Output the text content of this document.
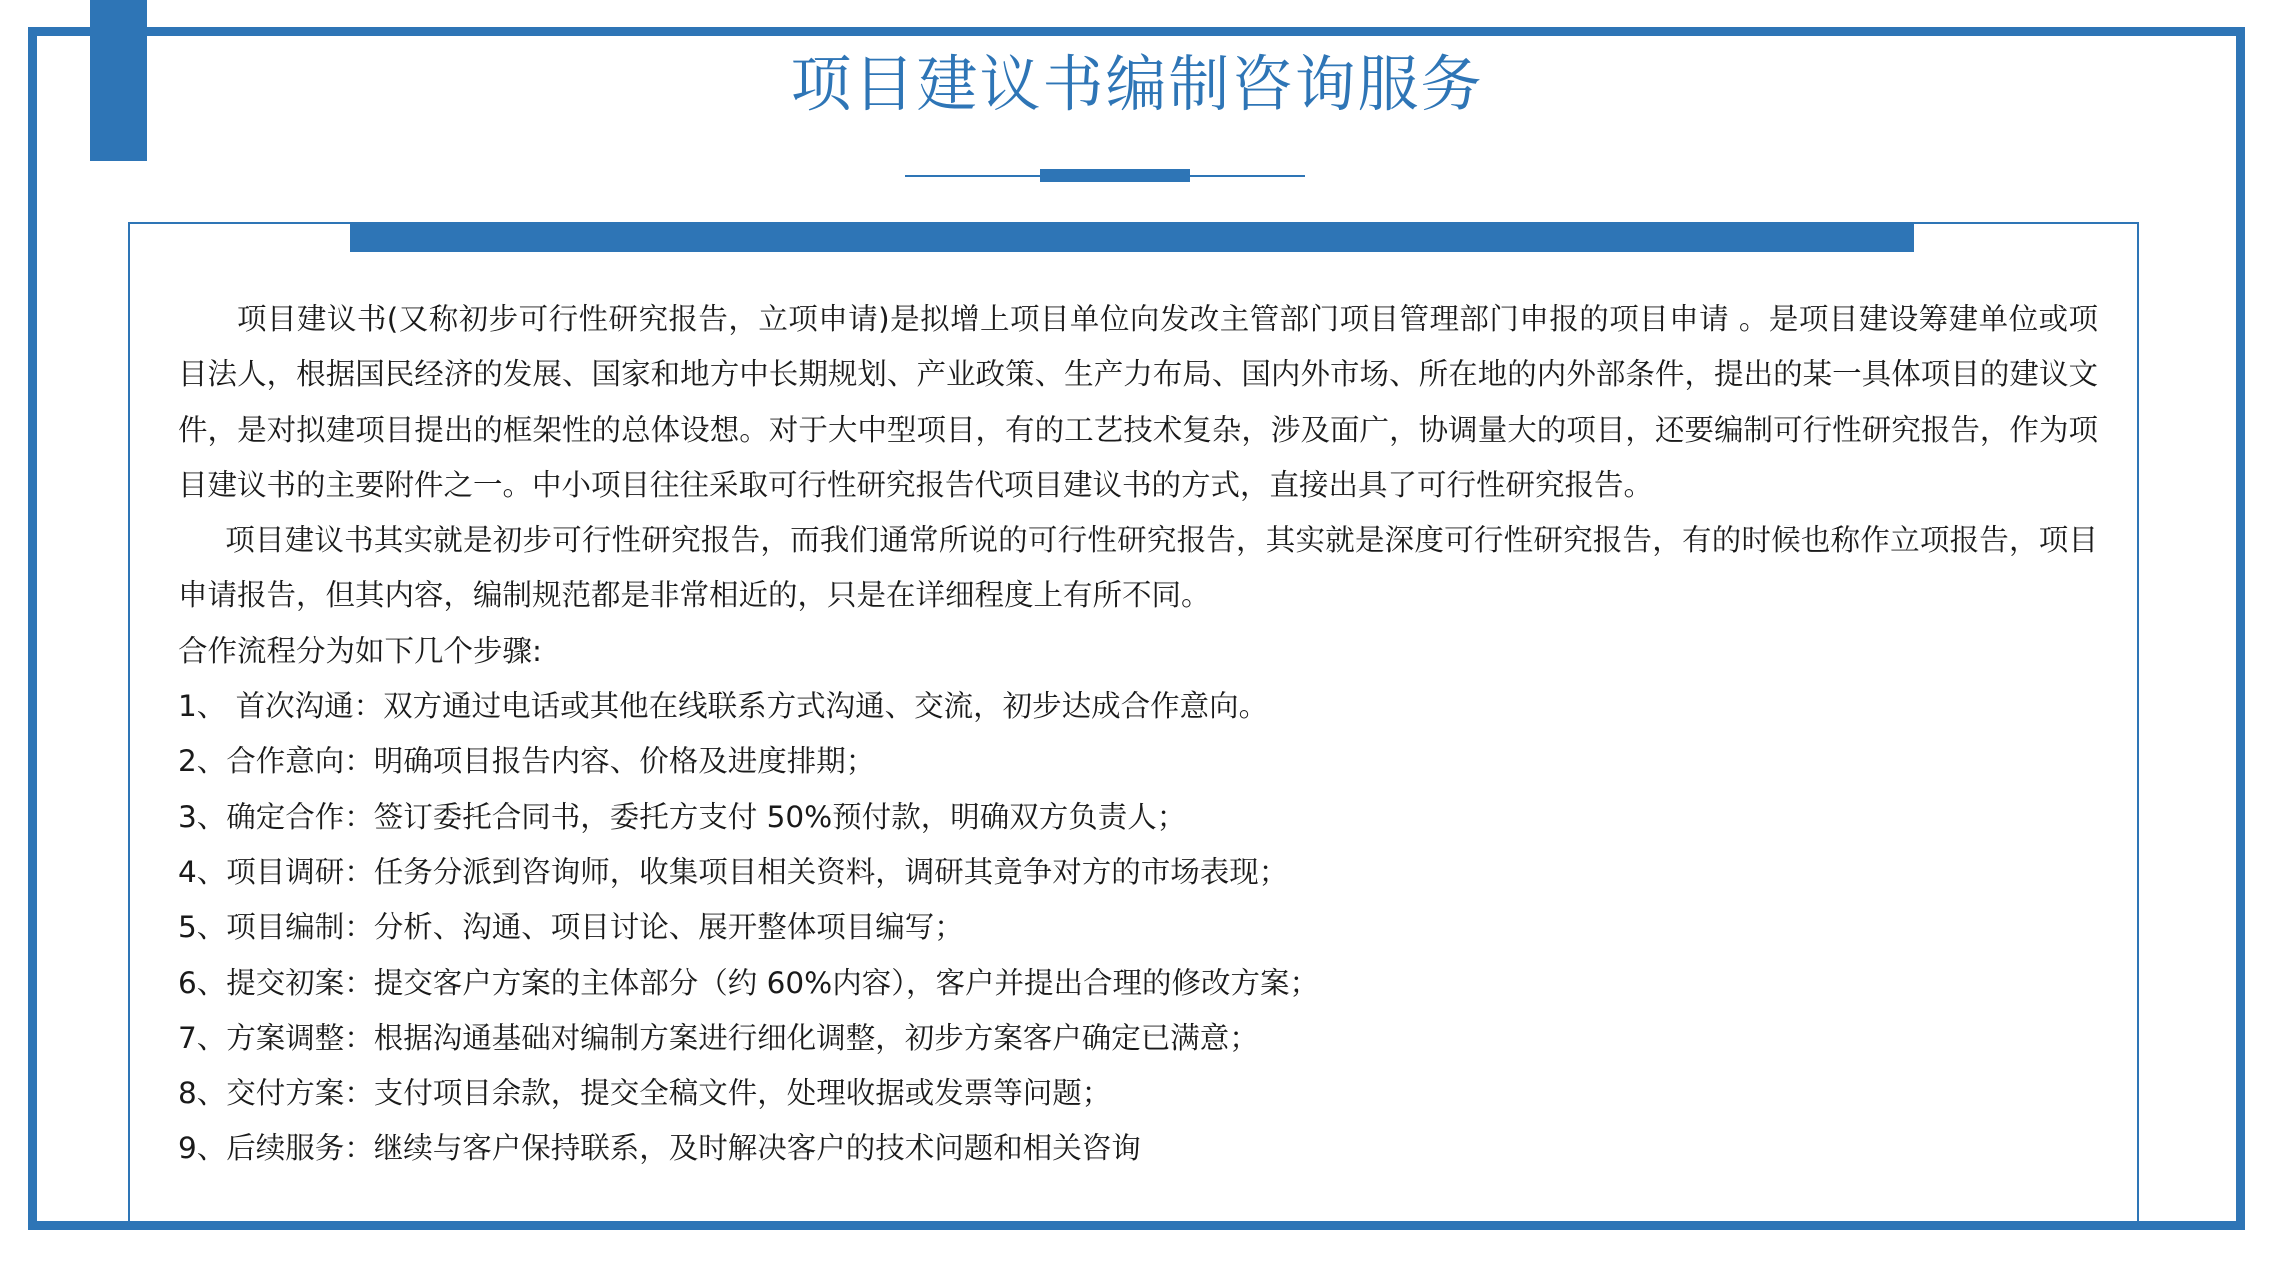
项目建议书编制咨询服务

项目建议书(又称初步可行性研究报告，立项申请)是拟增上项目单位向发改主管部门项目管理部门申报的项目申请 。是项目建设筹建单位或项目法人，根据国民经济的发展、国家和地方中长期规划、产业政策、生产力布局、国内外市场、所在地的内外部条件，提出的某一具体项目的建议文件，是对拟建项目提出的框架性的总体设想。对于大中型项目，有的工艺技术复杂，涉及面广，协调量大的项目，还要编制可行性研究报告，作为项目建议书的主要附件之一。中小项目往往采取可行性研究报告代项目建议书的方式，直接出具了可行性研究报告。

项目建议书其实就是初步可行性研究报告，而我们通常所说的可行性研究报告，其实就是深度可行性研究报告，有的时候也称作立项报告，项目申请报告，但其内容，编制规范都是非常相近的，只是在详细程度上有所不同。

合作流程分为如下几个步骤:

1、 首次沟通：双方通过电话或其他在线联系方式沟通、交流，初步达成合作意向。

2、合作意向：明确项目报告内容、价格及进度排期；

3、确定合作：签订委托合同书，委托方支付 50%预付款，明确双方负责人；

4、项目调研：任务分派到咨询师，收集项目相关资料，调研其竟争对方的市场表现；

5、项目编制：分析、沟通、项目讨论、展开整体项目编写；

6、提交初案：提交客户方案的主体部分（约 60%内容），客户并提出合理的修改方案；

7、方案调整：根据沟通基础对编制方案进行细化调整，初步方案客户确定已满意；

8、交付方案：支付项目余款，提交全稿文件，处理收据或发票等问题；

9、后续服务：继续与客户保持联系，及时解决客户的技术问题和相关咨询
